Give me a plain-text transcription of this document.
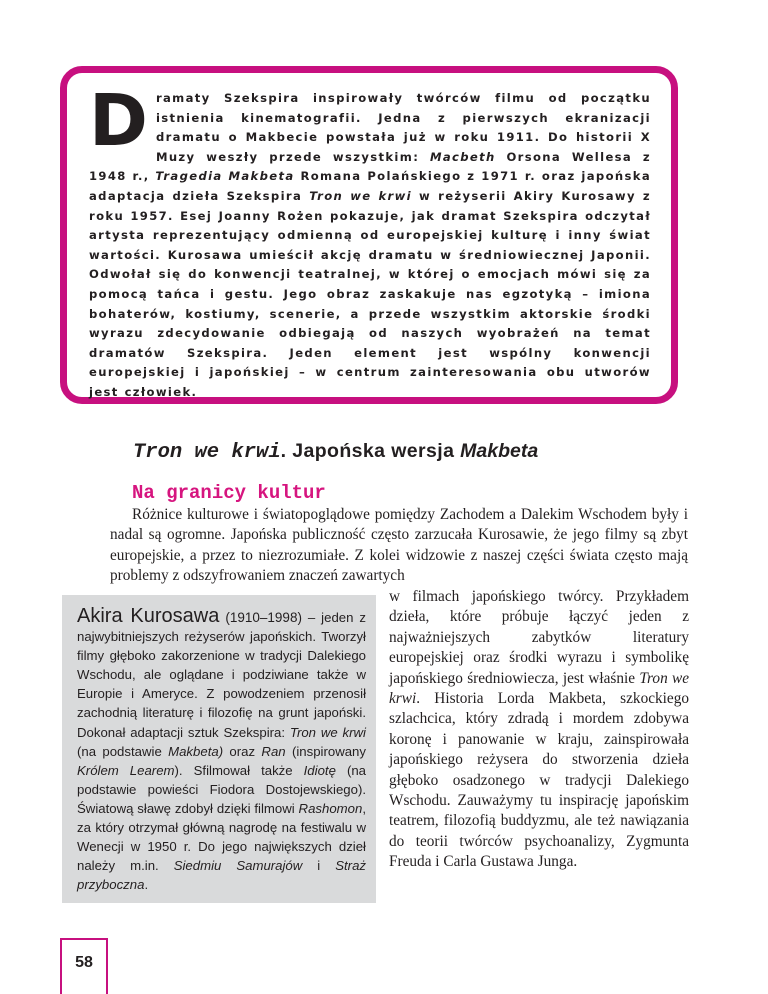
Dramaty Szekspira inspirowały twórców filmu od początku istnienia kinematografii. Jedna z pierwszych ekranizacji dramatu o Makbecie powstała już w roku 1911. Do historii X Muzy weszły przede wszystkim: Macbeth Orsona Wellesa z 1948 r., Tragedia Makbeta Romana Polańskiego z 1971 r. oraz japońska adaptacja dzieła Szekspira Tron we krwi w reżyserii Akiry Kurosawy z roku 1957. Esej Joanny Rożen pokazuje, jak dramat Szekspira odczytał artysta reprezentujący odmienną od europejskiej kulturę i inny świat wartości. Kurosawa umieścił akcję dramatu w średniowiecznej Japonii. Odwołał się do konwencji teatralnej, w której o emocjach mówi się za pomocą tańca i gestu. Jego obraz zaskakuje nas egzotyką – imiona bohaterów, kostiumy, scenerie, a przede wszystkim aktorskie środki wyrazu zdecydowanie odbiegają od naszych wyobrażeń na temat dramatów Szekspira. Jeden element jest wspólny konwencji europejskiej i japońskiej – w centrum zainteresowania obu utworów jest człowiek.
Tron we krwi. Japońska wersja Makbeta
Na granicy kultur

Różnice kulturowe i światopoglądowe pomiędzy Zachodem a Dalekim Wschodem były i nadal są ogromne. Japońska publiczność często zarzucała Kurosawie, że jego filmy są zbyt europejskie, a przez to niezrozumiałe. Z kolei widzowie z naszej części świata często mają problemy z odszyfrowaniem znaczeń zawartych

w filmach japońskiego twórcy. Przykładem dzieła, które próbuje łączyć jeden z najważniejszych zabytków literatury europejskiej oraz środki wyrazu i symbolikę japońskiego średniowiecza, jest właśnie Tron we krwi. Historia Lorda Makbeta, szkockiego szlachcica, który zdradą i mordem zdobywa koronę i panowanie w kraju, zainspirowała japońskiego reżysera do stworzenia dzieła głęboko osadzonego w tradycji Dalekiego Wschodu. Zauważymy tu inspirację japońskim teatrem, filozofią buddyzmu, ale też nawiązania do teorii twórców psychoanalizy, Zygmunta Freuda i Carla Gustawa Junga.

Akira Kurosawa (1910–1998) – jeden z najwybitniejszych reżyserów japońskich. Tworzył filmy głęboko zakorzenione w tradycji Dalekiego Wschodu, ale oglądane i podziwiane także w Europie i Ameryce. Z powodzeniem przenosił zachodnią literaturę i filozofię na grunt japoński. Dokonał adaptacji sztuk Szekspira: Tron we krwi (na podstawie Makbeta) oraz Ran (inspirowany Królem Learem). Sfilmował także Idiotę (na podstawie powieści Fiodora Dostojewskiego). Światową sławę zdobył dzięki filmowi Rashomon, za który otrzymał główną nagrodę na festiwalu w Wenecji w 1950 r. Do jego największych dzieł należy m.in. Siedmiu Samurajów i Straż przyboczna.

58
